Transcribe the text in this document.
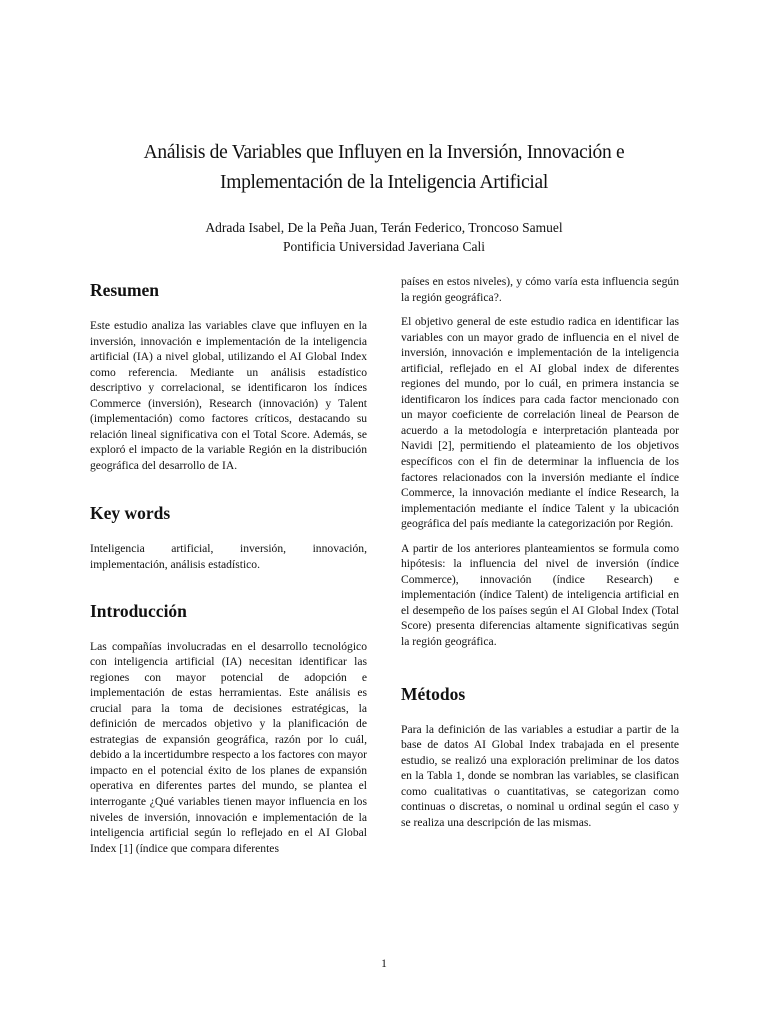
Análisis de Variables que Influyen en la Inversión, Innovación e
Implementación de la Inteligencia Artificial
Adrada Isabel, De la Peña Juan, Terán Federico, Troncoso Samuel
Pontificia Universidad Javeriana Cali
Resumen

Este estudio analiza las variables clave que influyen en la inversión, innovación e implementación de la inteligencia artificial (IA) a nivel global, utilizando el AI Global Index como referencia. Mediante un análisis estadístico descriptivo y correlacional, se identificaron los índices Commerce (inversión), Research (innovación) y Talent (implementación) como factores críticos, destacando su relación lineal significativa con el Total Score. Además, se exploró el impacto de la variable Región en la distribución geográfica del desarrollo de IA.

Key words

Inteligencia artificial, inversión, innovación, implementación, análisis estadístico.

Introducción

Las compañías involucradas en el desarrollo tecnológico con inteligencia artificial (IA) necesitan identificar las regiones con mayor potencial de adopción e implementación de estas herramientas. Este análisis es crucial para la toma de decisiones estratégicas, la definición de mercados objetivo y la planificación de estrategias de expansión geográfica, razón por lo cuál, debido a la incertidumbre respecto a los factores con mayor impacto en el potencial éxito de los planes de expansión operativa en diferentes partes del mundo, se plantea el interrogante ¿Qué variables tienen mayor influencia en los niveles de inversión, innovación e implementación de la inteligencia artificial según lo reflejado en el AI Global Index [1] (índice que compara diferentes

países en estos niveles), y cómo varía esta influencia según la región geográfica?.

El objetivo general de este estudio radica en identificar las variables con un mayor grado de influencia en el nivel de inversión, innovación e implementación de la inteligencia artificial, reflejado en el AI global index de diferentes regiones del mundo, por lo cuál, en primera instancia se identificaron los índices para cada factor mencionado con un mayor coeficiente de correlación lineal de Pearson de acuerdo a la metodología e interpretación planteada por Navidi [2], permitiendo el plateamiento de los objetivos específicos con el fin de determinar la influencia de los factores relacionados con la inversión mediante el índice Commerce, la innovación mediante el índice Research, la implementación mediante el índice Talent y la ubicación geográfica del país mediante la categorización por Región.

A partir de los anteriores planteamientos se formula como hipótesis: la influencia del nivel de inversión (índice Commerce), innovación (índice Research) e implementación (índice Talent) de inteligencia artificial en el desempeño de los países según el AI Global Index (Total Score) presenta diferencias altamente significativas según la región geográfica.

Métodos

Para la definición de las variables a estudiar a partir de la base de datos AI Global Index trabajada en el presente estudio, se realizó una exploración preliminar de los datos en la Tabla 1, donde se nombran las variables, se clasifican como cualitativas o cuantitativas, se categorizan como continuas o discretas, o nominal u ordinal según el caso y se realiza una descripción de las mismas.

1
